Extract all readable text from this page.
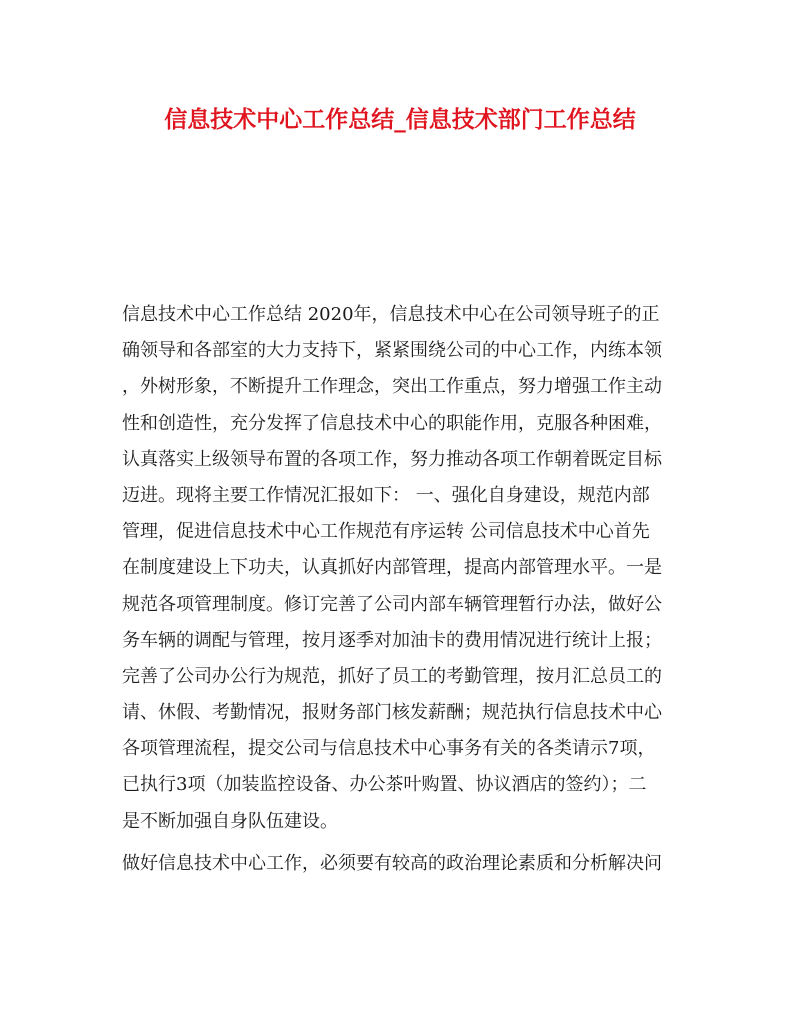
信息技术中心工作总结_信息技术部门工作总结
信息技术中心工作总结 2020年，信息技术中心在公司领导班子的正
确领导和各部室的大力支持下，紧紧围绕公司的中心工作，内练本领
，外树形象，不断提升工作理念，突出工作重点，努力增强工作主动
性和创造性，充分发挥了信息技术中心的职能作用，克服各种困难，
认真落实上级领导布置的各项工作，努力推动各项工作朝着既定目标
迈进。现将主要工作情况汇报如下： 一、强化自身建设，规范内部
管理，促进信息技术中心工作规范有序运转 公司信息技术中心首先
在制度建设上下功夫，认真抓好内部管理，提高内部管理水平。一是
规范各项管理制度。修订完善了公司内部车辆管理暂行办法，做好公
务车辆的调配与管理，按月逐季对加油卡的费用情况进行统计上报；
完善了公司办公行为规范，抓好了员工的考勤管理，按月汇总员工的
请、休假、考勤情况，报财务部门核发薪酬；规范执行信息技术中心
各项管理流程，提交公司与信息技术中心事务有关的各类请示7项，
已执行3项（加装监控设备、办公茶叶购置、协议酒店的签约）；二
是不断加强自身队伍建设。
做好信息技术中心工作，必须要有较高的政治理论素质和分析解决问
